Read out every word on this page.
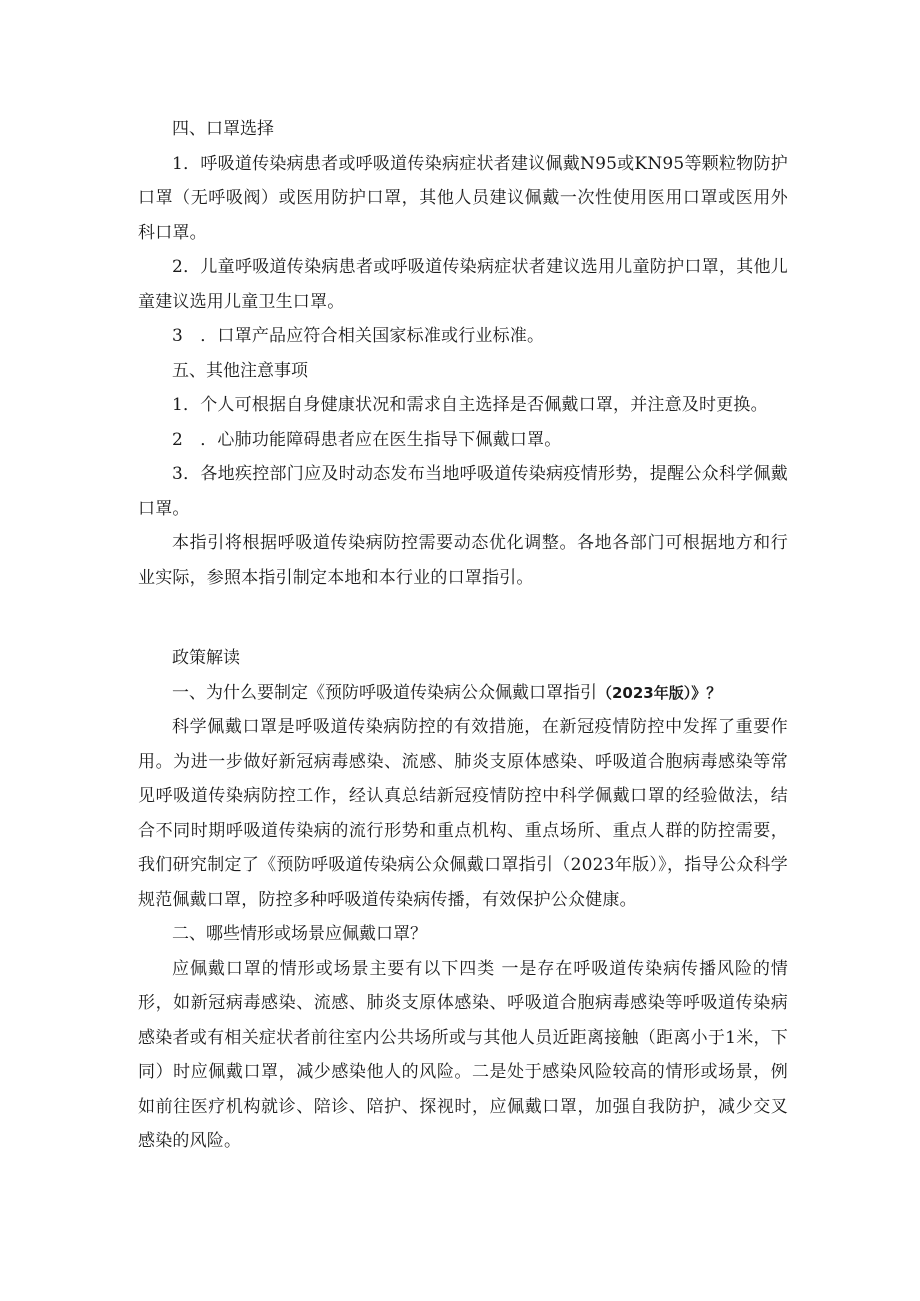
四、口罩选择

1．呼吸道传染病患者或呼吸道传染病症状者建议佩戴N95或KN95等颗粒物防护口罩（无呼吸阀）或医用防护口罩，其他人员建议佩戴一次性使用医用口罩或医用外科口罩。

2．儿童呼吸道传染病患者或呼吸道传染病症状者建议选用儿童防护口罩，其他儿童建议选用儿童卫生口罩。

3　．口罩产品应符合相关国家标准或行业标准。

五、其他注意事项

1．个人可根据自身健康状况和需求自主选择是否佩戴口罩，并注意及时更换。

2　．心肺功能障碍患者应在医生指导下佩戴口罩。

3．各地疾控部门应及时动态发布当地呼吸道传染病疫情形势，提醒公众科学佩戴口罩。

本指引将根据呼吸道传染病防控需要动态优化调整。各地各部门可根据地方和行业实际，参照本指引制定本地和本行业的口罩指引。

政策解读

一、为什么要制定《预防呼吸道传染病公众佩戴口罩指引（2023年版）》？

科学佩戴口罩是呼吸道传染病防控的有效措施，在新冠疫情防控中发挥了重要作用。为进一步做好新冠病毒感染、流感、肺炎支原体感染、呼吸道合胞病毒感染等常见呼吸道传染病防控工作，经认真总结新冠疫情防控中科学佩戴口罩的经验做法，结合不同时期呼吸道传染病的流行形势和重点机构、重点场所、重点人群的防控需要，我们研究制定了《预防呼吸道传染病公众佩戴口罩指引（2023年版）》，指导公众科学规范佩戴口罩，防控多种呼吸道传染病传播，有效保护公众健康。

二、哪些情形或场景应佩戴口罩？

应佩戴口罩的情形或场景主要有以下四类 一是存在呼吸道传染病传播风险的情形，如新冠病毒感染、流感、肺炎支原体感染、呼吸道合胞病毒感染等呼吸道传染病感染者或有相关症状者前往室内公共场所或与其他人员近距离接触（距离小于1米，下同）时应佩戴口罩，减少感染他人的风险。二是处于感染风险较高的情形或场景，例如前往医疗机构就诊、陪诊、陪护、探视时，应佩戴口罩，加强自我防护，减少交叉感染的风险。
